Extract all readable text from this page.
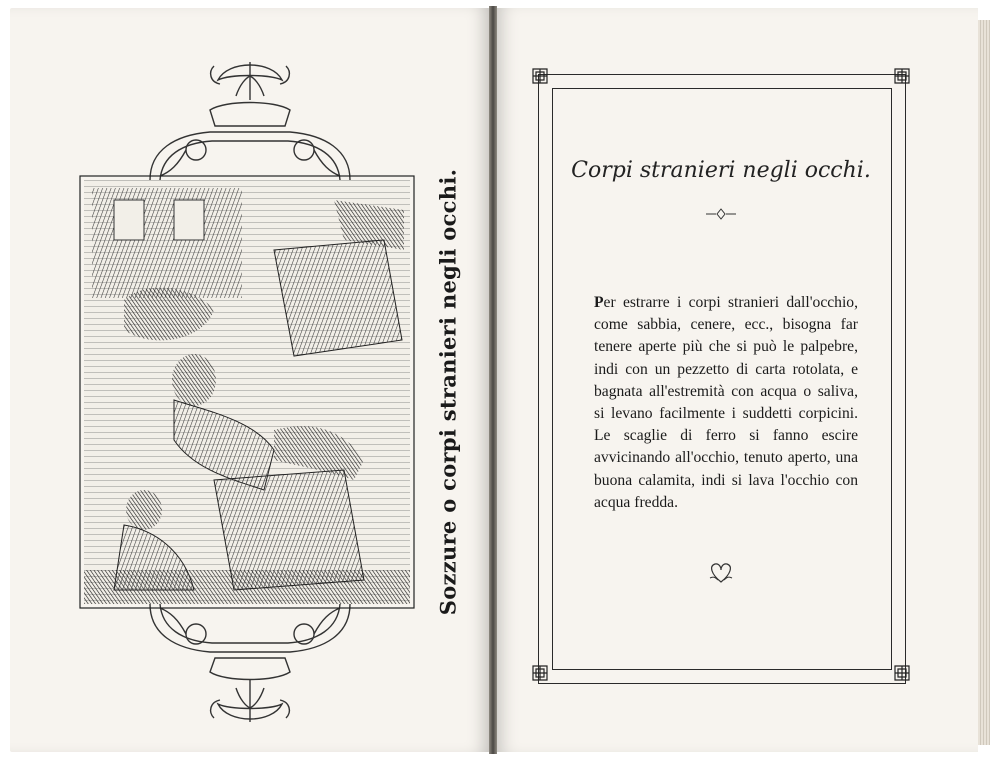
Sozzure o corpi stranieri negli occhi.	Corpi stranieri negli occhi.
Per estrarre i corpi stranieri dall'occhio, come sabbia, cenere, ecc., bisogna far tenere aperte più che si può le palpebre, indi con un pezzetto di carta rotolata, e bagnata all'estremità con acqua o saliva, si levano facilmente i suddetti corpicini. Le scaglie di ferro si fanno escire avvicinando all'occhio, tenuto aperto, una buona calamita, indi si lava l'occhio con acqua fredda.
